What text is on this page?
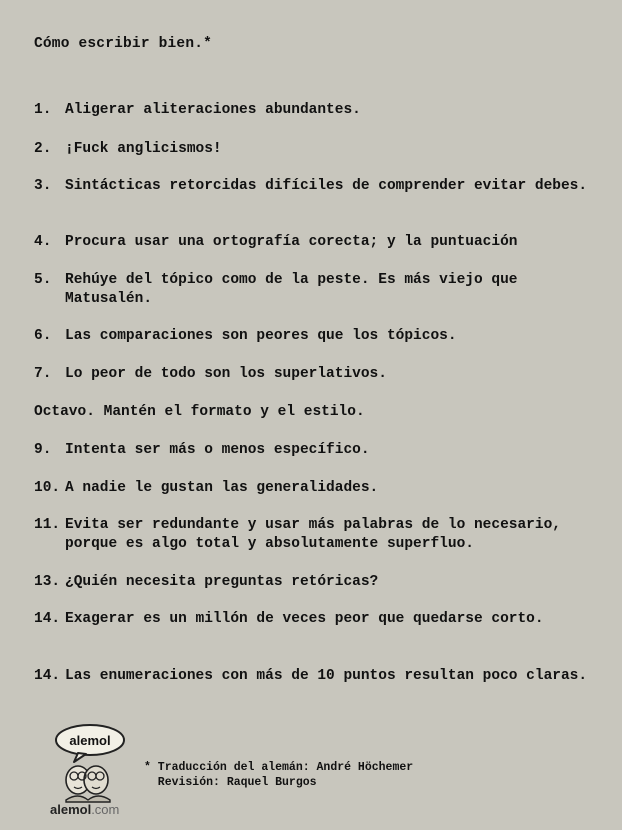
Cómo escribir bien.*
1. Aligerar aliteraciones abundantes.
2. ¡Fuck anglicismos!
3. Sintácticas retorcidas difíciles de comprender evitar debes.
4. Procura usar una ortografía corecta; y la puntuación
5. Rehúye del tópico como de la peste. Es más viejo que Matusalén.
6. Las comparaciones son peores que los tópicos.
7. Lo peor de todo son los superlativos.
Octavo. Mantén el formato y el estilo.
9. Intenta ser más o menos específico.
10. A nadie le gustan las generalidades.
11. Evita ser redundante y usar más palabras de lo necesario, porque es algo total y absolutamente superfluo.
13. ¿Quién necesita preguntas retóricas?
14. Exagerar es un millón de veces peor que quedarse corto.
14. Las enumeraciones con más de 10 puntos resultan poco claras.
alemol
alemol.com
* Traducción del alemán: André Höchemer
Revisión: Raquel Burgos
